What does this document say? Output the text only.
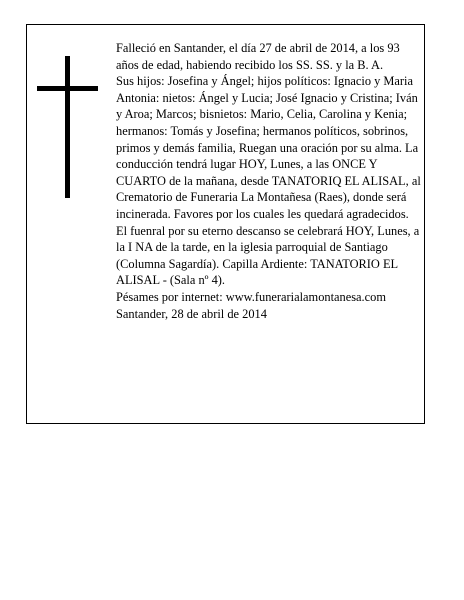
Falleció en Santander, el día 27 de abril de 2014, a los 93 años de edad, habiendo recibido los SS. SS. y la B. A.

Sus hijos: Josefina y Ángel; hijos políticos: Ignacio y Maria Antonia: nietos: Ángel y Lucia; José Ignacio y Cristina; Iván y Aroa; Marcos; bisnietos: Mario, Celia, Carolina y Kenia; hermanos: Tomás y Josefina; hermanos políticos, sobrinos, primos y demás familia, Ruegan una oración por su alma. La conducción tendrá lugar HOY, Lunes, a las ONCE Y CUARTO de la mañana, desde TANATORIQ EL ALISAL, al Crematorio de Funeraria La Montañesa (Raes), donde será incinerada. Favores por los cuales les quedará agradecidos. El fuenral por su eterno descanso se celebrará HOY, Lunes, a la I NA de la tarde, en la iglesia parroquial de Santiago (Columna Sagardía). Capilla Ardiente: TANATORIO EL ALISAL - (Sala nº 4).

Pésames por internet: www.funerarialamontanesa.com

Santander, 28 de abril de 2014
